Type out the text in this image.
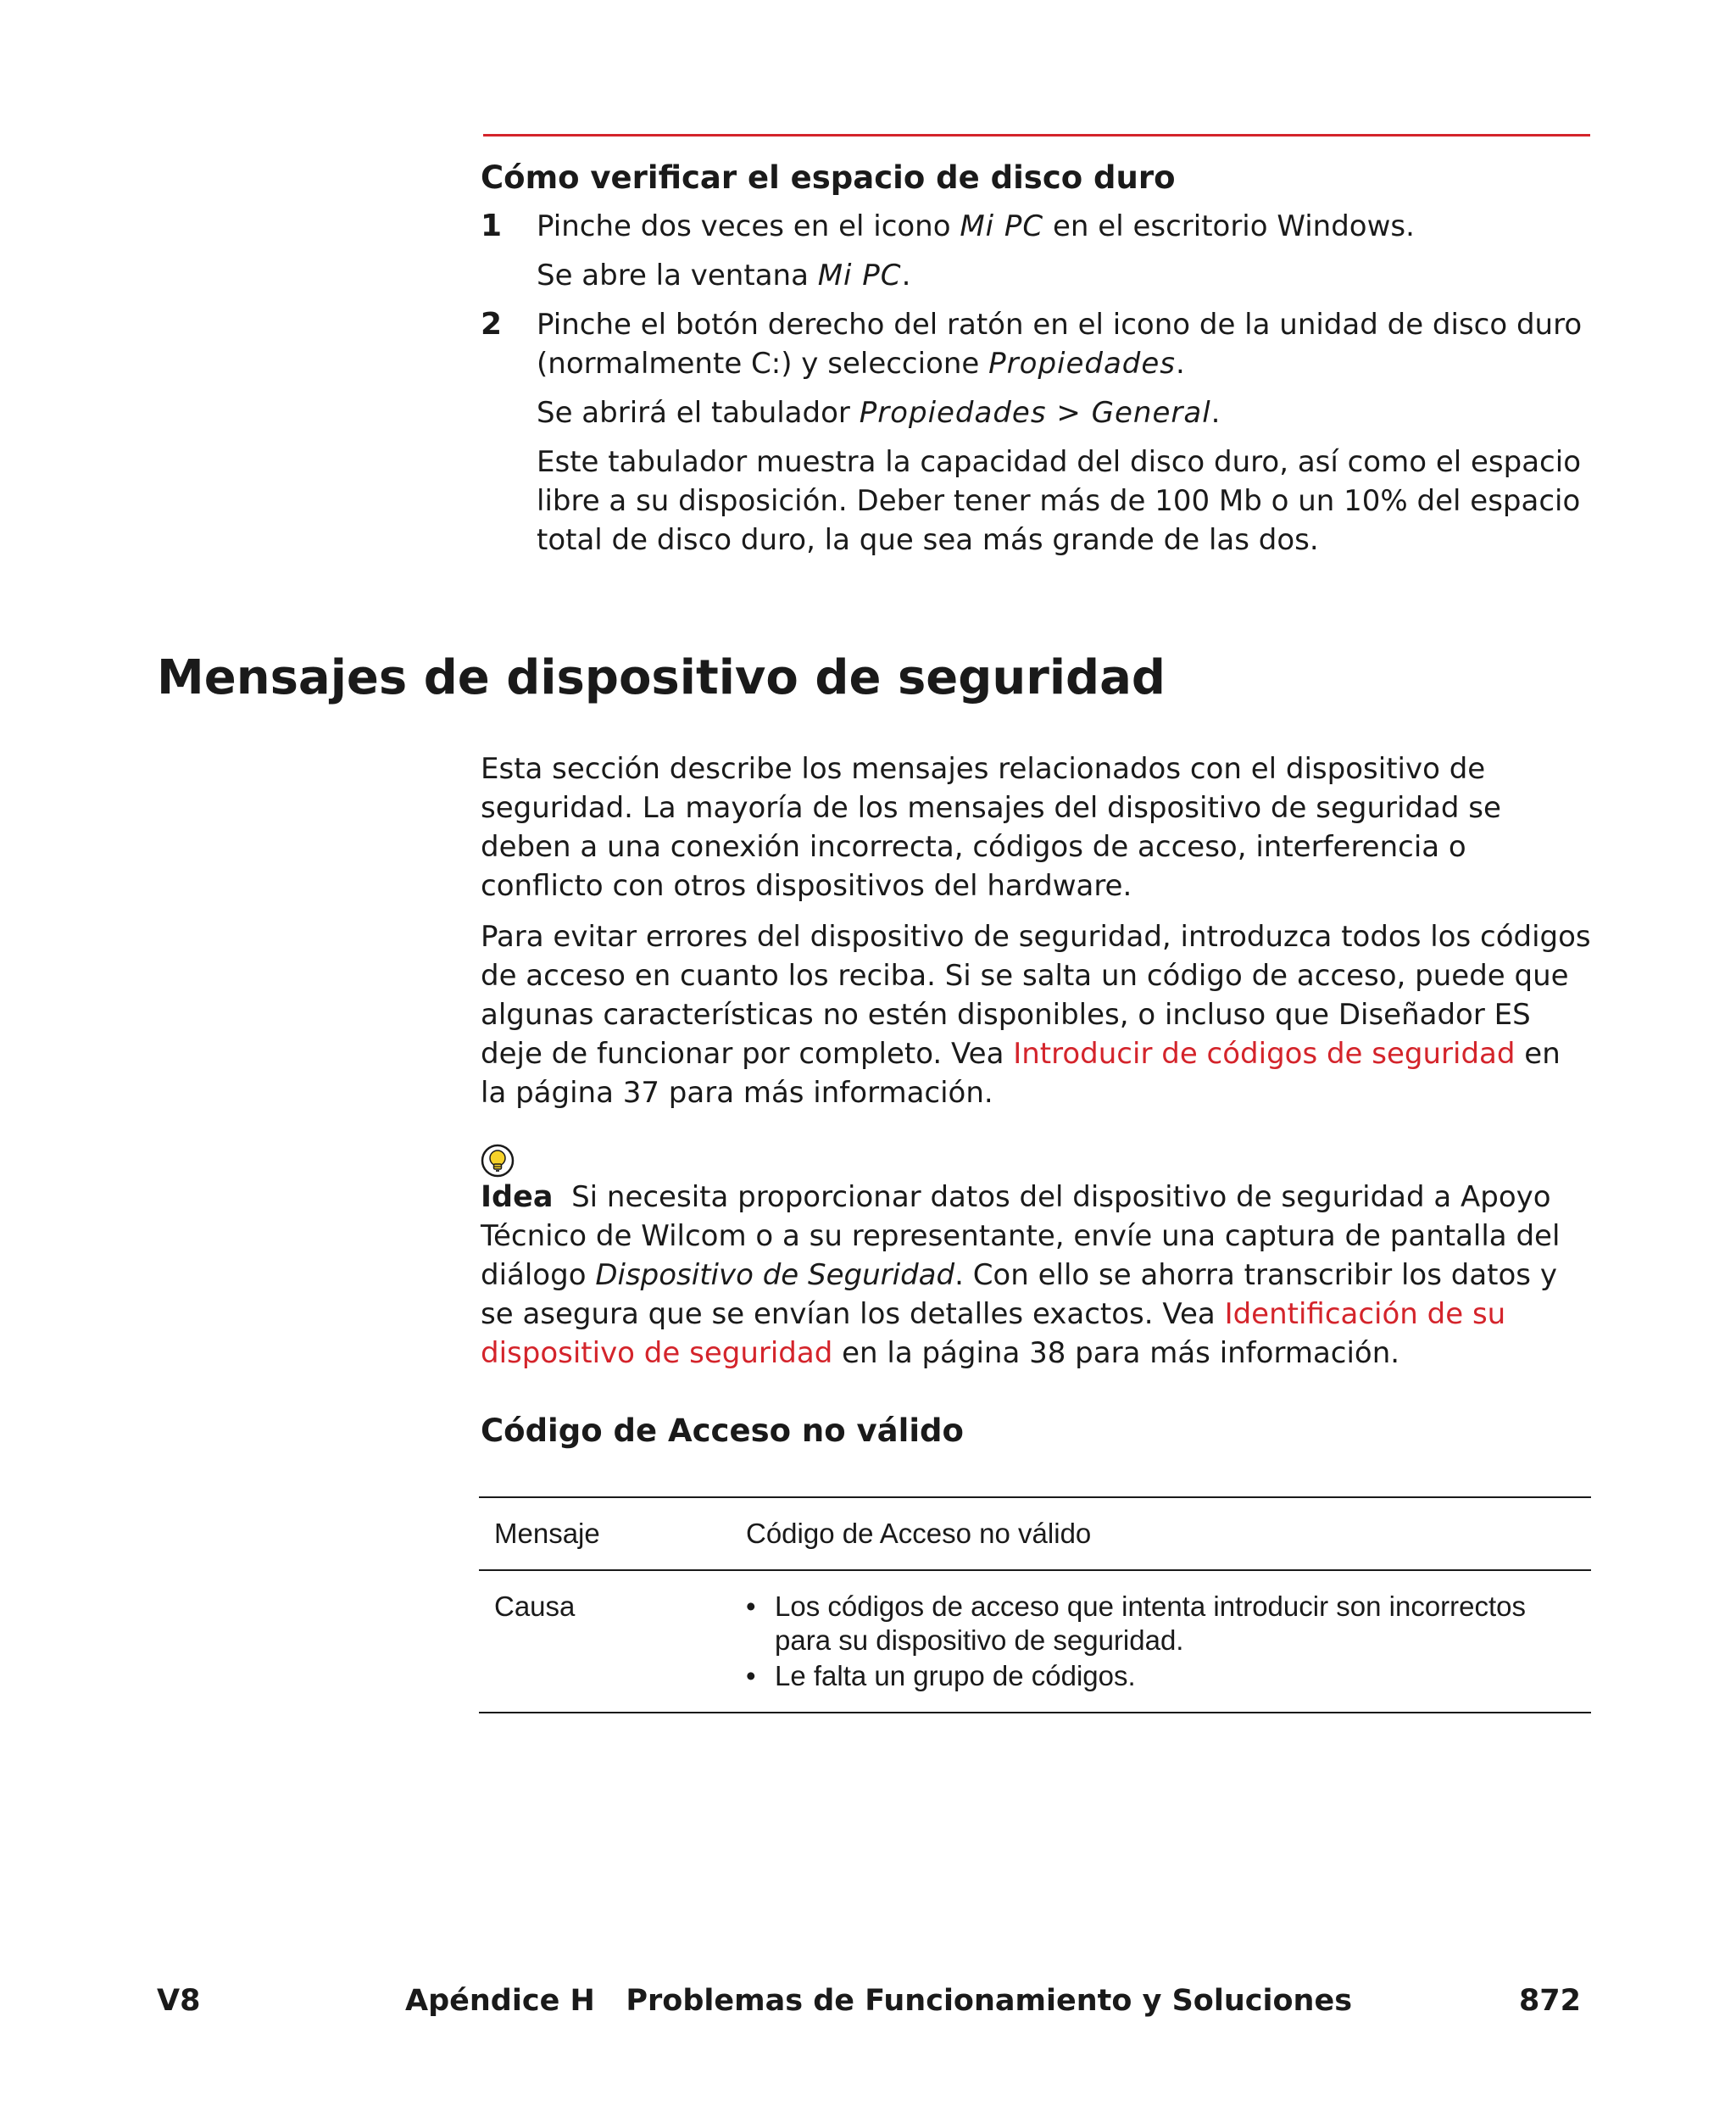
Cómo verificar el espacio de disco duro
1 Pinche dos veces en el icono Mi PC en el escritorio Windows.
Se abre la ventana Mi PC.
2 Pinche el botón derecho del ratón en el icono de la unidad de disco duro (normalmente C:) y seleccione Propiedades.
Se abrirá el tabulador Propiedades > General.

Este tabulador muestra la capacidad del disco duro, así como el espacio libre a su disposición. Deber tener más de 100 Mb o un 10% del espacio total de disco duro, la que sea más grande de las dos.

Mensajes de dispositivo de seguridad

Esta sección describe los mensajes relacionados con el dispositivo de seguridad. La mayoría de los mensajes del dispositivo de seguridad se deben a una conexión incorrecta, códigos de acceso, interferencia o conflicto con otros dispositivos del hardware.

Para evitar errores del dispositivo de seguridad, introduzca todos los códigos de acceso en cuanto los reciba. Si se salta un código de acceso, puede que algunas características no estén disponibles, o incluso que Diseñador ES deje de funcionar por completo. Vea Introducir de códigos de seguridad en la página 37 para más información.

Idea Si necesita proporcionar datos del dispositivo de seguridad a Apoyo Técnico de Wilcom o a su representante, envíe una captura de pantalla del diálogo Dispositivo de Seguridad. Con ello se ahorra transcribir los datos y se asegura que se envían los detalles exactos. Vea Identificación de su dispositivo de seguridad en la página 38 para más información.

Código de Acceso no válido
Mensaje	Código de Acceso no válido
Causa	• Los códigos de acceso que intenta introducir son incorrectos para su dispositivo de seguridad.
• Le falta un grupo de códigos.
V8	Apéndice H   Problemas de Funcionamiento y Soluciones	872
